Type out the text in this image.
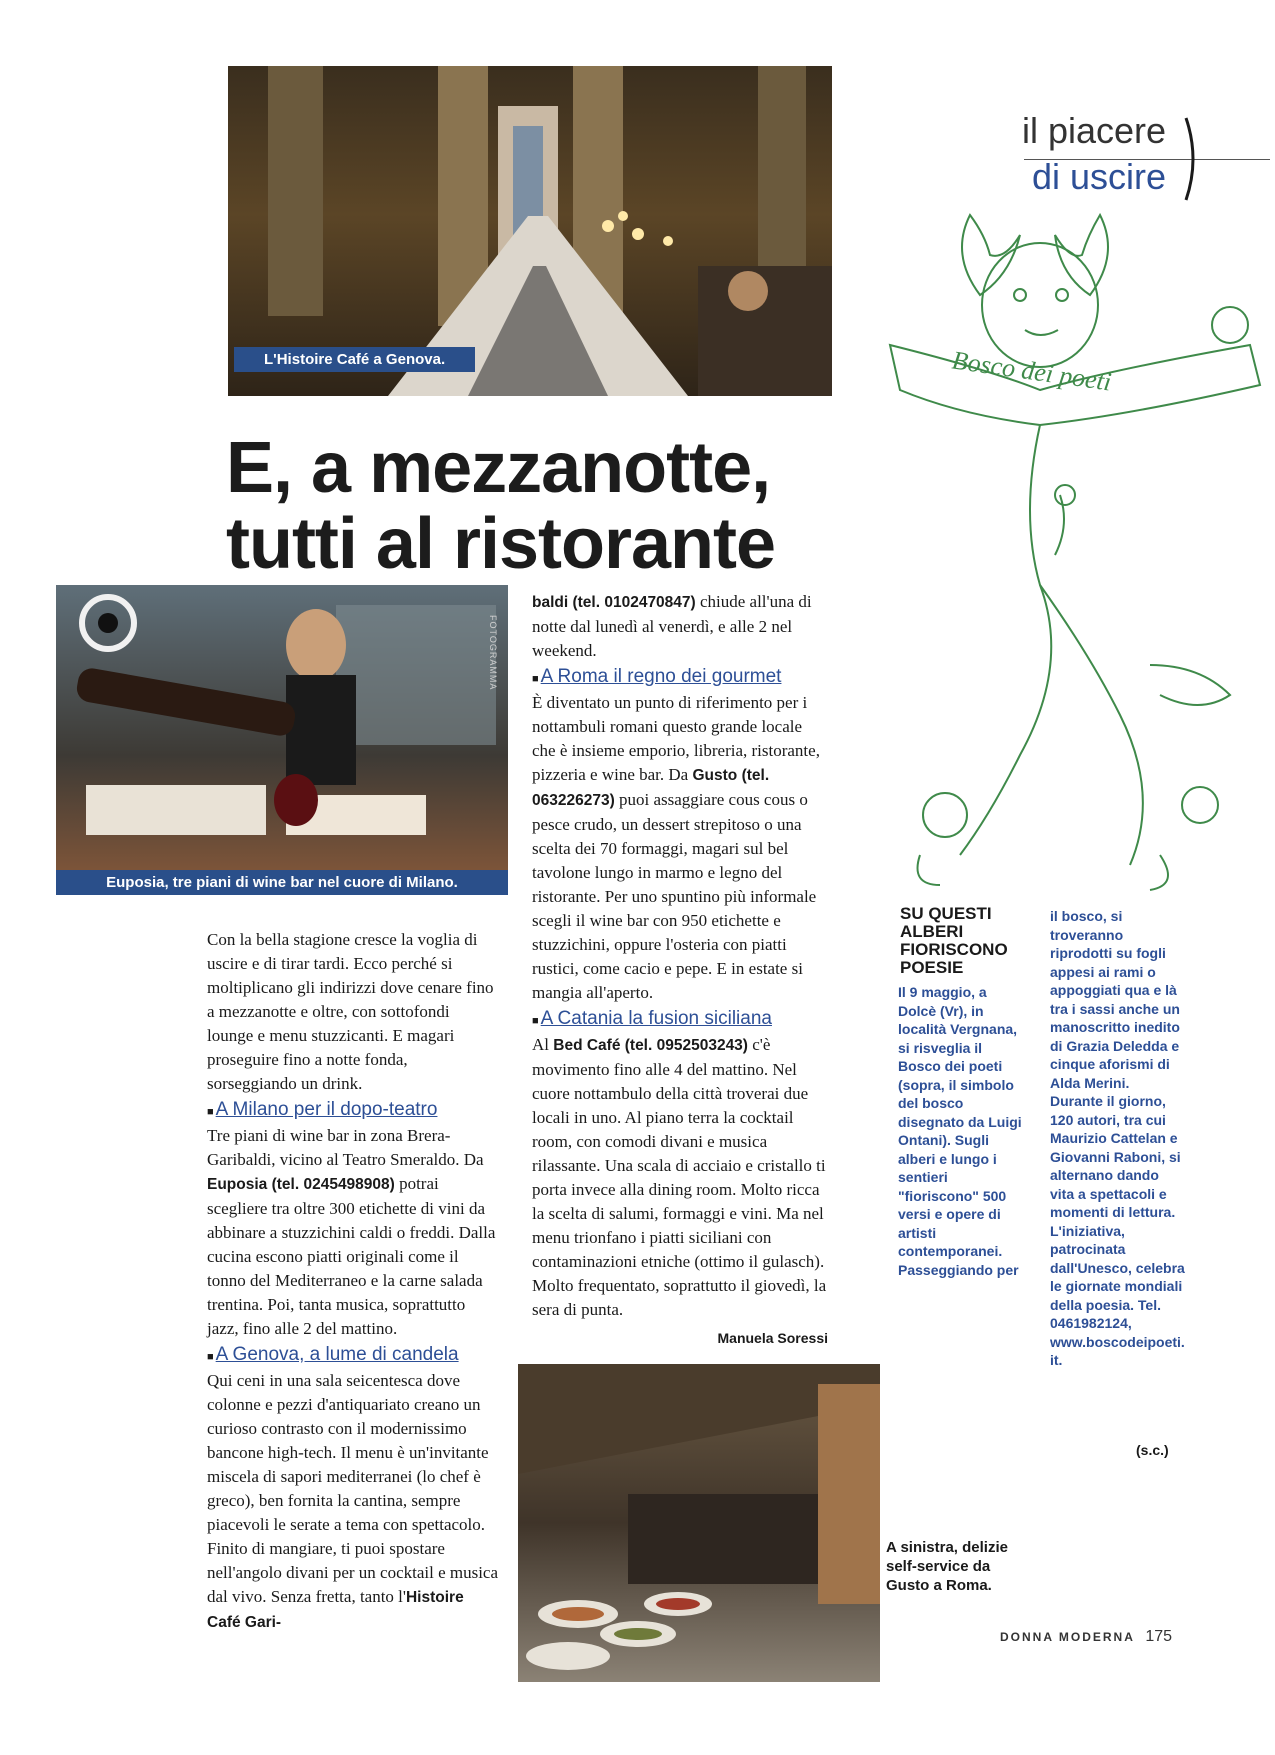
il piacere
di uscire
L'Histoire Café a Genova.
E, a mezzanotte,
tutti al ristorante
FOTOGRAMMA
Euposia, tre piani di wine bar nel cuore di Milano.

Con la bella stagione cresce la voglia di uscire e di tirar tardi. Ecco perché si moltiplicano gli indirizzi dove cenare fino a mezzanotte e oltre, con sottofondi lounge e menu stuzzicanti. E magari proseguire fino a notte fonda, sorseggiando un drink.

■ A Milano per il dopo-teatro
Tre piani di wine bar in zona Brera-Garibaldi, vicino al Teatro Smeraldo. Da Euposia (tel. 0245498908) potrai scegliere tra oltre 300 etichette di vini da abbinare a stuzzichini caldi o freddi. Dalla cucina escono piatti originali come il tonno del Mediterraneo e la carne salada trentina. Poi, tanta musica, soprattutto jazz, fino alle 2 del mattino.

■ A Genova, a lume di candela
Qui ceni in una sala seicentesca dove colonne e pezzi d'antiquariato creano un curioso contrasto con il modernissimo bancone high-tech. Il menu è un'invitante miscela di sapori mediterranei (lo chef è greco), ben fornita la cantina, sempre piacevoli le serate a tema con spettacolo. Finito di mangiare, ti puoi spostare nell'angolo divani per un cocktail e musica dal vivo. Senza fretta, tanto l'Histoire Café Gari-

baldi (tel. 0102470847) chiude all'una di notte dal lunedì al venerdì, e alle 2 nel weekend.

■ A Roma il regno dei gourmet
È diventato un punto di riferimento per i nottambuli romani questo grande locale che è insieme emporio, libreria, ristorante, pizzeria e wine bar. Da Gusto (tel. 063226273) puoi assaggiare cous cous o pesce crudo, un dessert strepitoso o una scelta dei 70 formaggi, magari sul bel tavolone lungo in marmo e legno del ristorante. Per uno spuntino più informale scegli il wine bar con 950 etichette e stuzzichini, oppure l'osteria con piatti rustici, come cacio e pepe. E in estate si mangia all'aperto.

■ A Catania la fusion siciliana
Al Bed Café (tel. 0952503243) c'è movimento fino alle 4 del mattino. Nel cuore nottambulo della città troverai due locali in uno. Al piano terra la cocktail room, con comodi divani e musica rilassante. Una scala di acciaio e cristallo ti porta invece alla dining room. Molto ricca la scelta di salumi, formaggi e vini. Ma nel menu trionfano i piatti siciliani con contaminazioni etniche (ottimo il gulasch). Molto frequentato, soprattutto il giovedì, la sera di punta.

Manuela Soressi

A sinistra, delizie self-service da Gusto a Roma.
Bosco dei poeti
SU QUESTI ALBERI FIORISCONO POESIE
Il 9 maggio, a Dolcè (Vr), in località Vergnana, si risveglia il Bosco dei poeti (sopra, il simbolo del bosco disegnato da Luigi Ontani). Sugli alberi e lungo i sentieri "fioriscono" 500 versi e opere di artisti contemporanei. Passeggiando per
il bosco, si troveranno riprodotti su fogli appesi ai rami o appoggiati qua e là tra i sassi anche un manoscritto inedito di Grazia Deledda e cinque aforismi di Alda Merini. Durante il giorno, 120 autori, tra cui Maurizio Cattelan e Giovanni Raboni, si alternano dando vita a spettacoli e momenti di lettura. L'iniziativa, patrocinata dall'Unesco, celebra le giornate mondiali della poesia. Tel. 0461982124, www.boscodeipoeti.it.
(s.c.)
DONNA MODERNA 175
